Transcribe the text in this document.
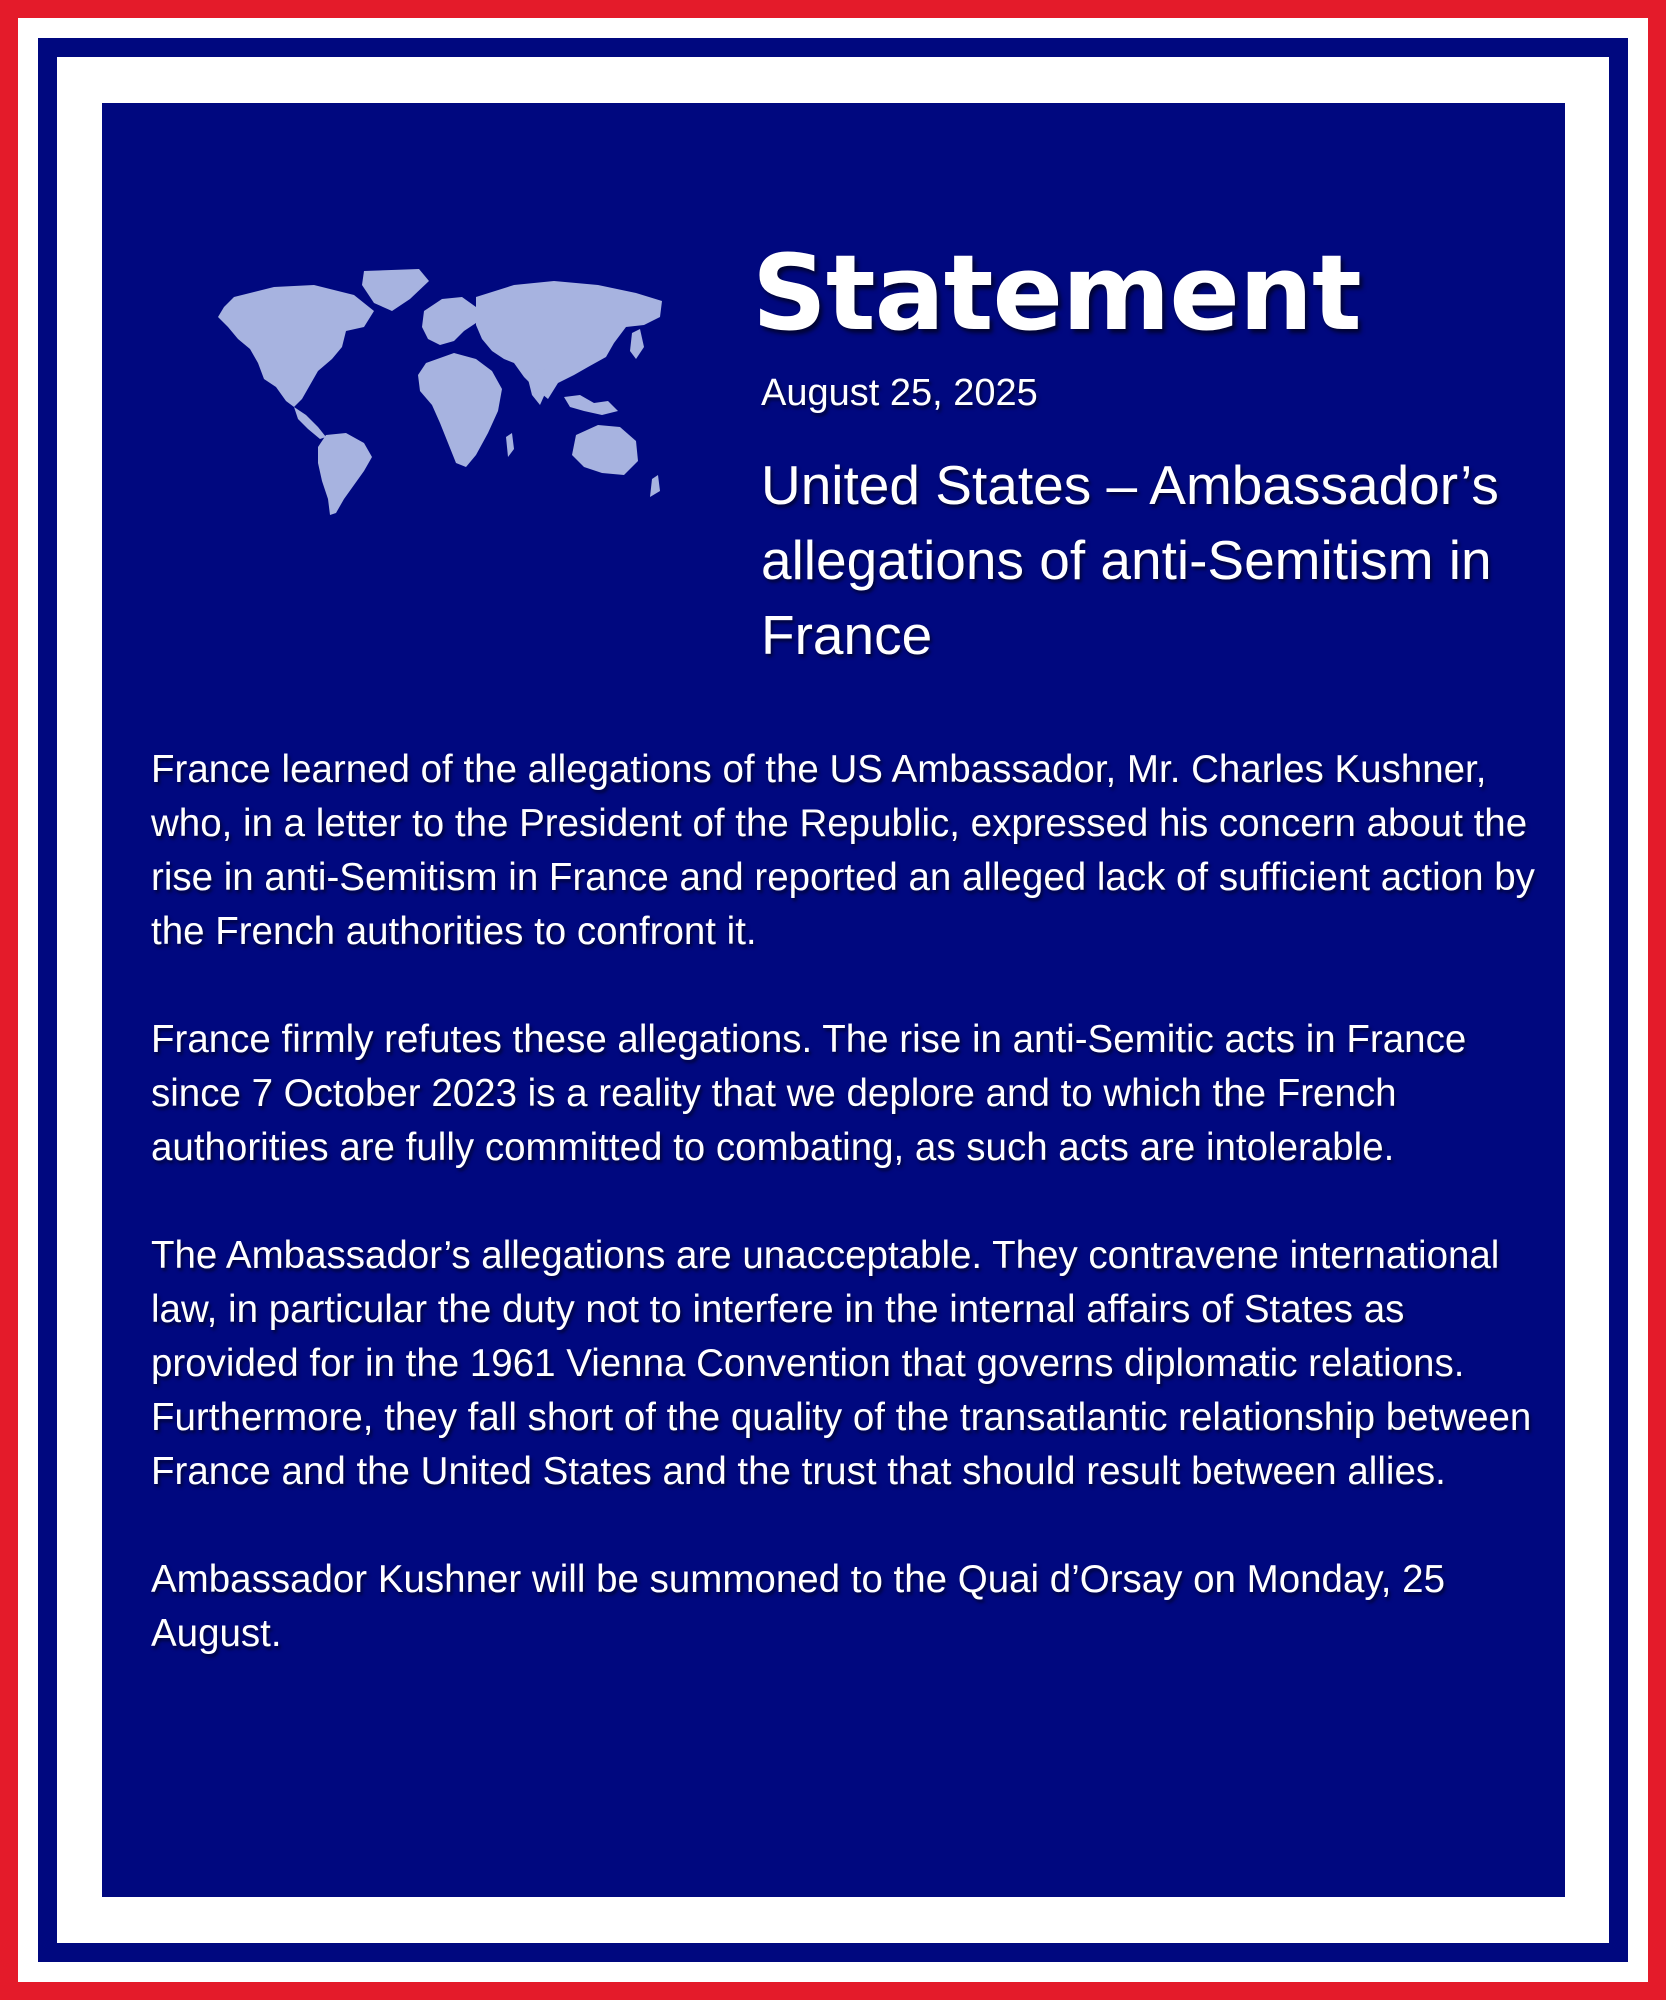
Statement
August 25, 2025
United States – Ambassador’s allegations of anti-Semitism in France

France learned of the allegations of the US Ambassador, Mr. Charles Kushner, who, in a letter to the President of the Republic, expressed his concern about the rise in anti-Semitism in France and reported an alleged lack of sufficient action by the French authorities to confront it.

France firmly refutes these allegations. The rise in anti-Semitic acts in France since 7 October 2023 is a reality that we deplore and to which the French authorities are fully committed to combating, as such acts are intolerable.

The Ambassador’s allegations are unacceptable. They contravene international law, in particular the duty not to interfere in the internal affairs of States as provided for in the 1961 Vienna Convention that governs diplomatic relations. Furthermore, they fall short of the quality of the transatlantic relationship between France and the United States and the trust that should result between allies.

Ambassador Kushner will be summoned to the Quai d’Orsay on Monday, 25 August.
